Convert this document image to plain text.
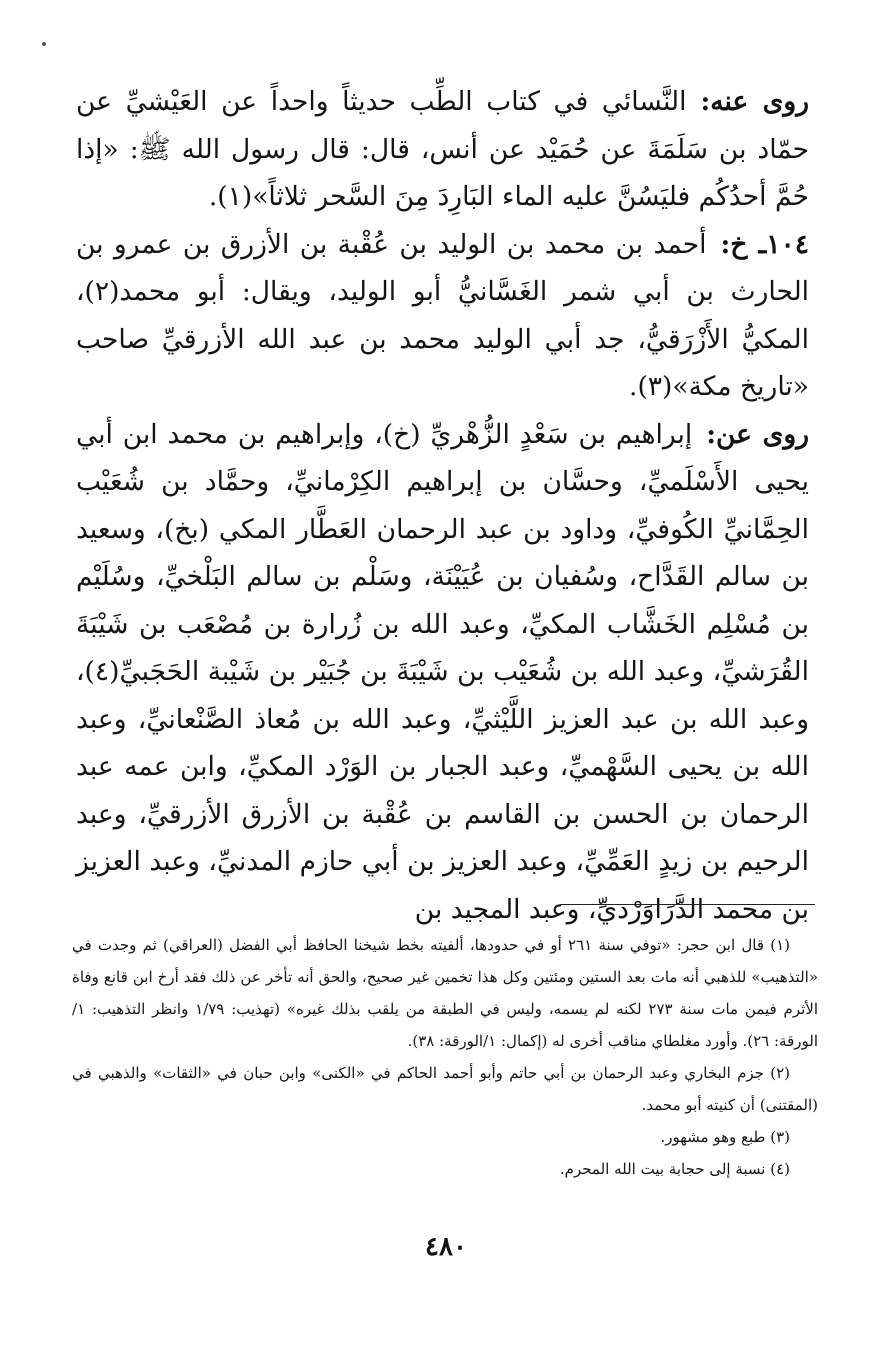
روى عنه:النَّسائي في كتاب الطِّب حديثاً واحداً عن العَيْشيِّ عن حمّاد بن سَلَمَةَ عن حُمَيْد عن أنس، قال: قال رسول الله ﷺ: «إذا حُمَّ أحدُكُم فليَسُنَّ عليه الماء البَارِدَ مِنَ السَّحر ثلاثاً»(١).

١٠٤ـ خ:أحمد بن محمد بن الوليد بن عُقْبة بن الأزرق بن عمرو بن الحارث بن أبي شمر الغَسَّانيُّ أبو الوليد، ويقال: أبو محمد(٢)، المكيُّ الأَزْرَقيُّ، جد أبي الوليد محمد بن عبد الله الأزرقيِّ صاحب «تاريخ مكة»(٣).

روى عن:إبراهيم بن سَعْدٍ الزُّهْريِّ (خ)، وإبراهيم بن محمد ابن أبي يحيى الأَسْلَميِّ، وحسَّان بن إبراهيم الكِرْمانيِّ، وحمَّاد بن شُعَيْب الحِمَّانيِّ الكُوفيِّ، وداود بن عبد الرحمان العَطَّار المكي (بخ)، وسعيد بن سالم القَدَّاح، وسُفيان بن عُيَيْنَة، وسَلْم بن سالم البَلْخيِّ، وسُلَيْم بن مُسْلِم الخَشَّاب المكيِّ، وعبد الله بن زُرارة بن مُصْعَب بن شَيْبَةَ القُرَشيِّ، وعبد الله بن شُعَيْب بن شَيْبَةَ بن جُبَيْر بن شَيْبة الحَجَبيِّ(٤)، وعبد الله بن عبد العزيز اللَّيْثيِّ، وعبد الله بن مُعاذ الصَّنْعانيِّ، وعبد الله بن يحيى السَّهْميِّ، وعبد الجبار بن الوَرْد المكيِّ، وابن عمه عبد الرحمان بن الحسن بن القاسم بن عُقْبة بن الأزرق الأزرقيِّ، وعبد الرحيم بن زيدٍ العَمِّيِّ، وعبد العزيز بن أبي حازم المدنيِّ، وعبد العزيز بن محمد الدَّرَاوَرْديِّ، وعبد المجيد بن

(١) قال ابن حجر: «توفي سنة ٢٦١ أو في حدودها، ألفيته بخط شيخنا الحافظ أبي الفضل (العراقي) ثم وجدت في «التذهيب» للذهبي أنه مات بعد الستين ومئتين وكل هذا تخمين غير صحيح، والحق أنه تأخر عن ذلك فقد أرخ ابن قانع وفاة الأثرم فيمن مات سنة ٢٧٣ لكنه لم يسمه، وليس في الطبقة من يلقب بذلك غيره» (تهذيب: ١/٧٩ وانظر التذهيب: ١/الورقة: ٢٦). وأورد مغلطاي مناقب أخرى له (إكمال: ١/الورقة: ٣٨).

(٢) جزم البخاري وعبد الرحمان بن أبي حاتم وأبو أحمد الحاكم في «الكنى» وابن حبان في «الثقات» والذهبي في (المقتنى) أن كنيته أبو محمد.

(٣) طبع وهو مشهور.

(٤) نسبة إلى حجابة بيت الله المحرم.

٤٨٠
